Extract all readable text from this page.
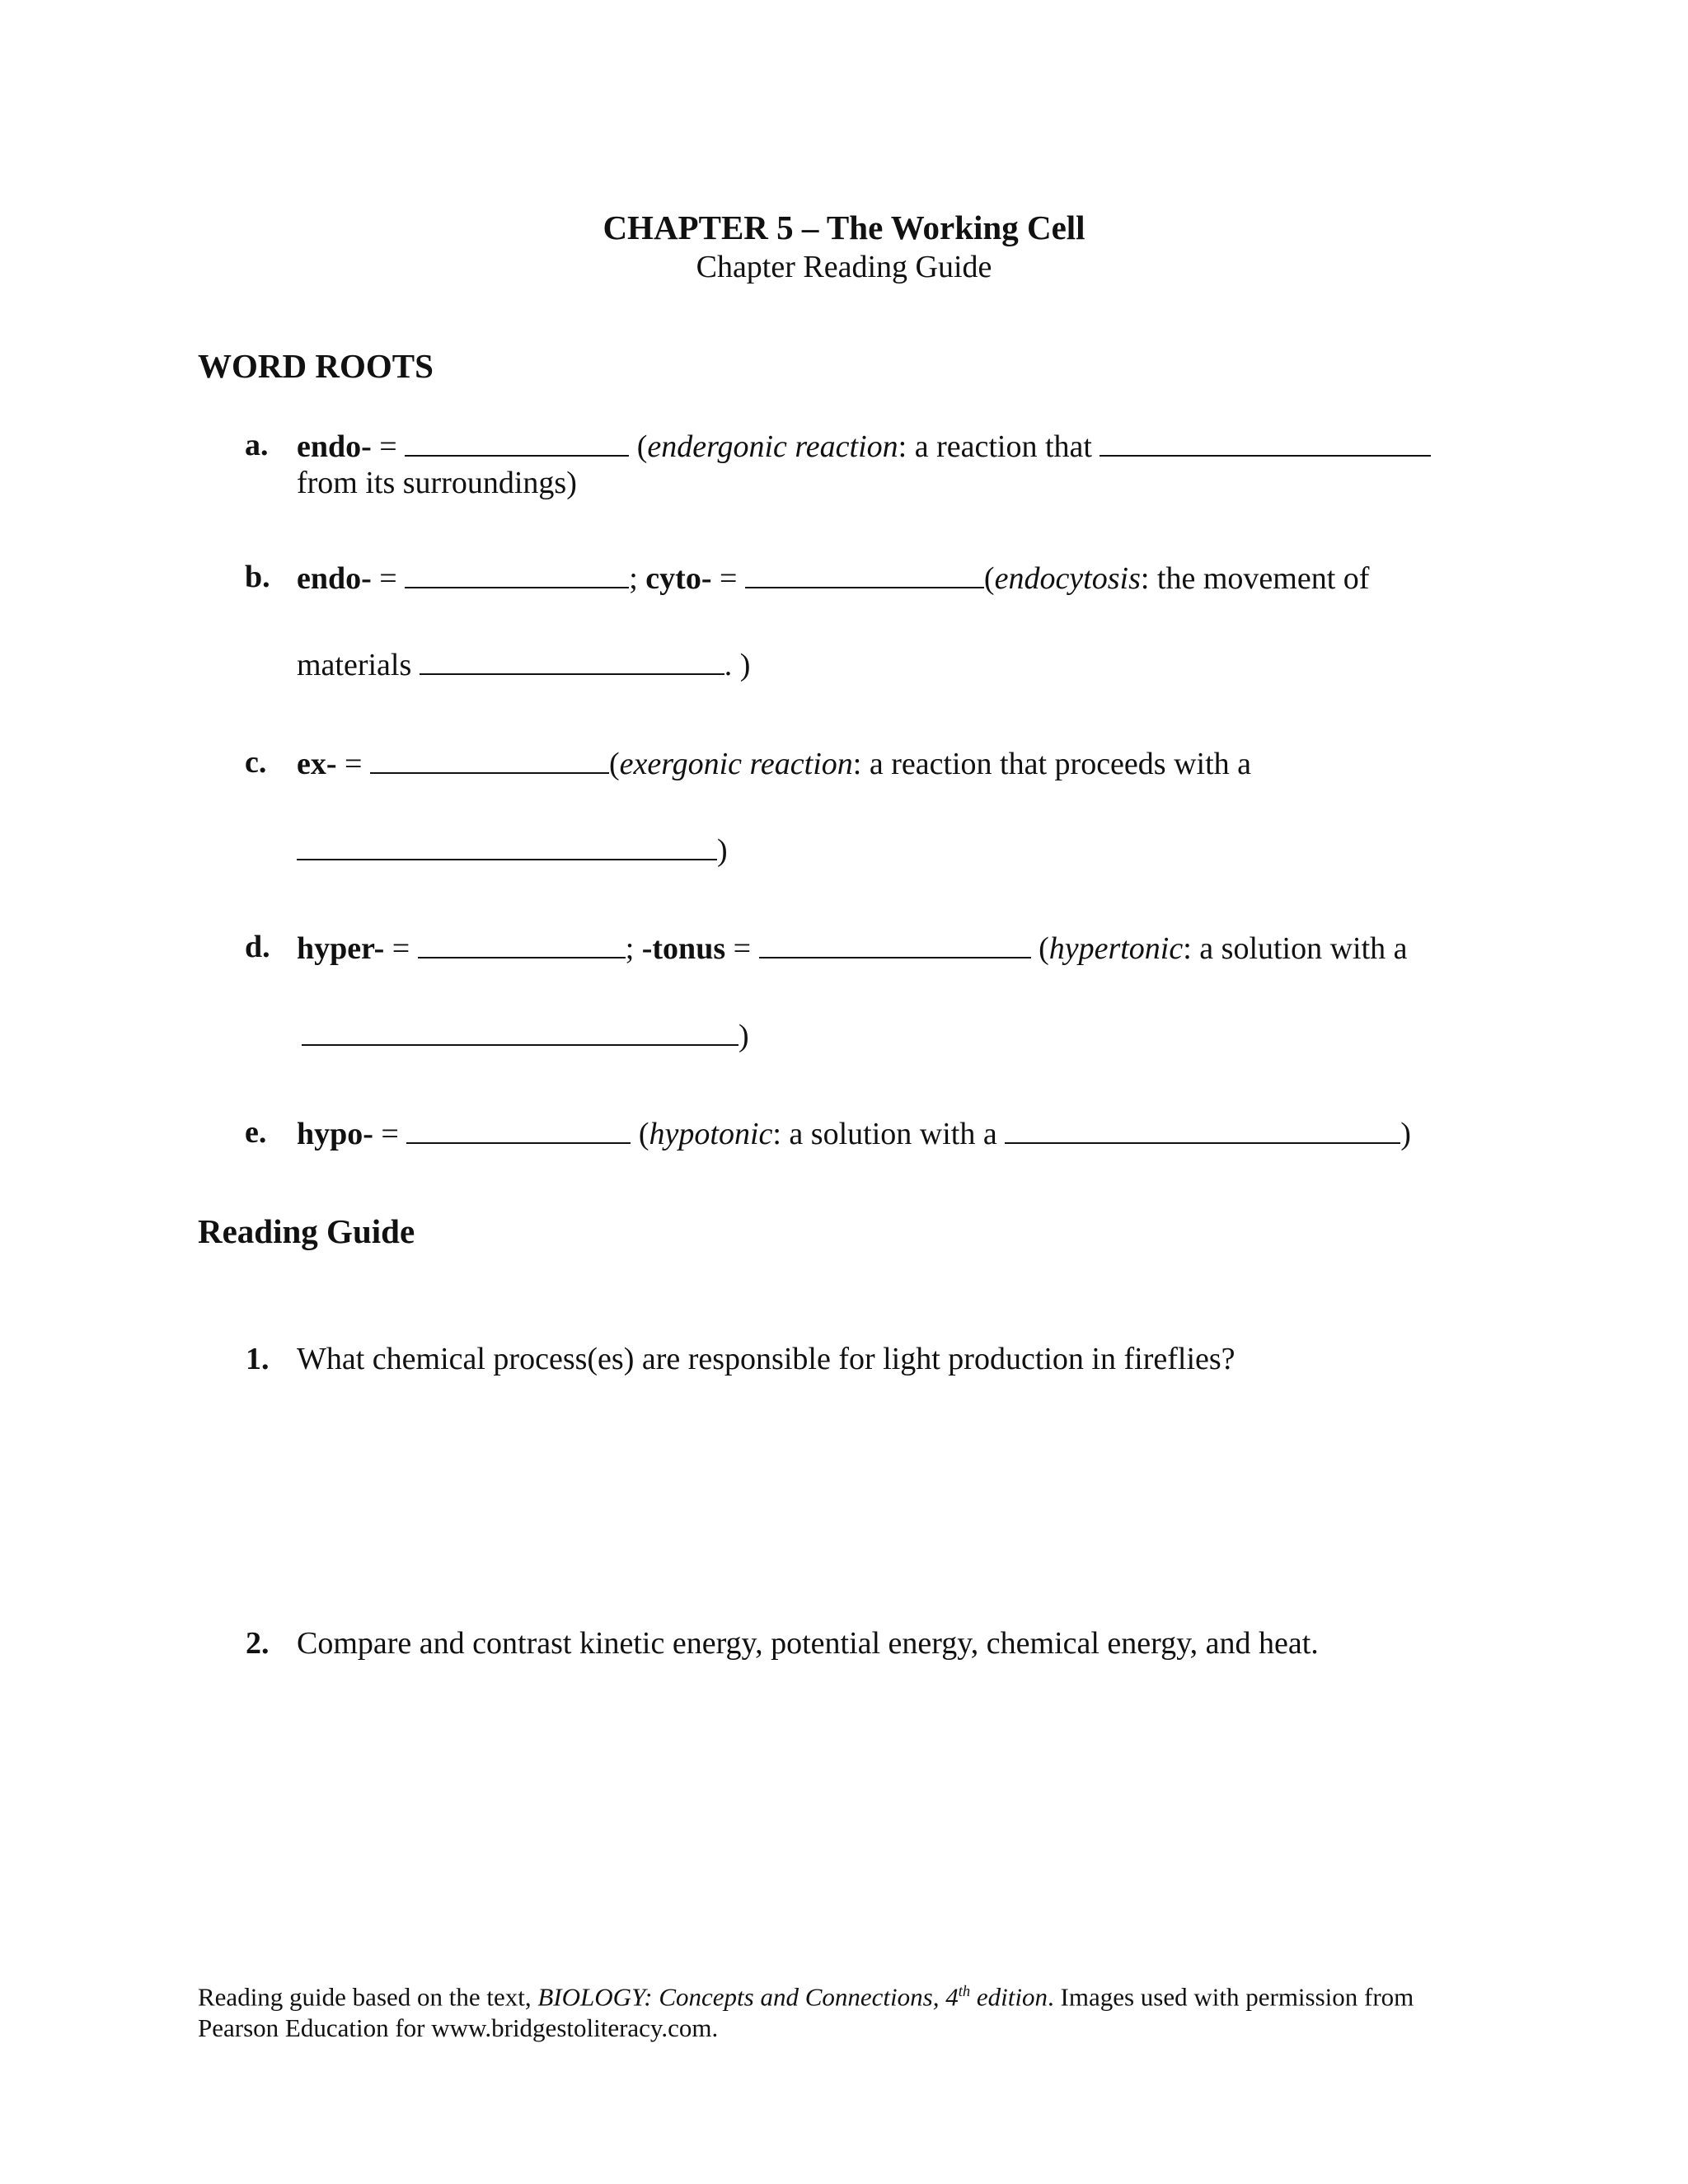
CHAPTER 5 – The Working Cell
Chapter Reading Guide
WORD ROOTS
a. endo- =	(endergonic reaction: a reaction that
from its surroundings)
b. endo- =	; cyto- =	(endocytosis: the movement of
materials	. )
c. ex- =	(exergonic reaction: a reaction that proceeds with a
)
d. hyper- =	; -tonus =	(hypertonic: a solution with a
)
e. hypo- =	(hypotonic: a solution with a	)
Reading Guide
1. What chemical process(es) are responsible for light production in fireflies?
2. Compare and contrast kinetic energy, potential energy, chemical energy, and heat.
Reading guide based on the text, BIOLOGY: Concepts and Connections, 4th edition. Images used with permission from
Pearson Education for www.bridgestoliteracy.com.
